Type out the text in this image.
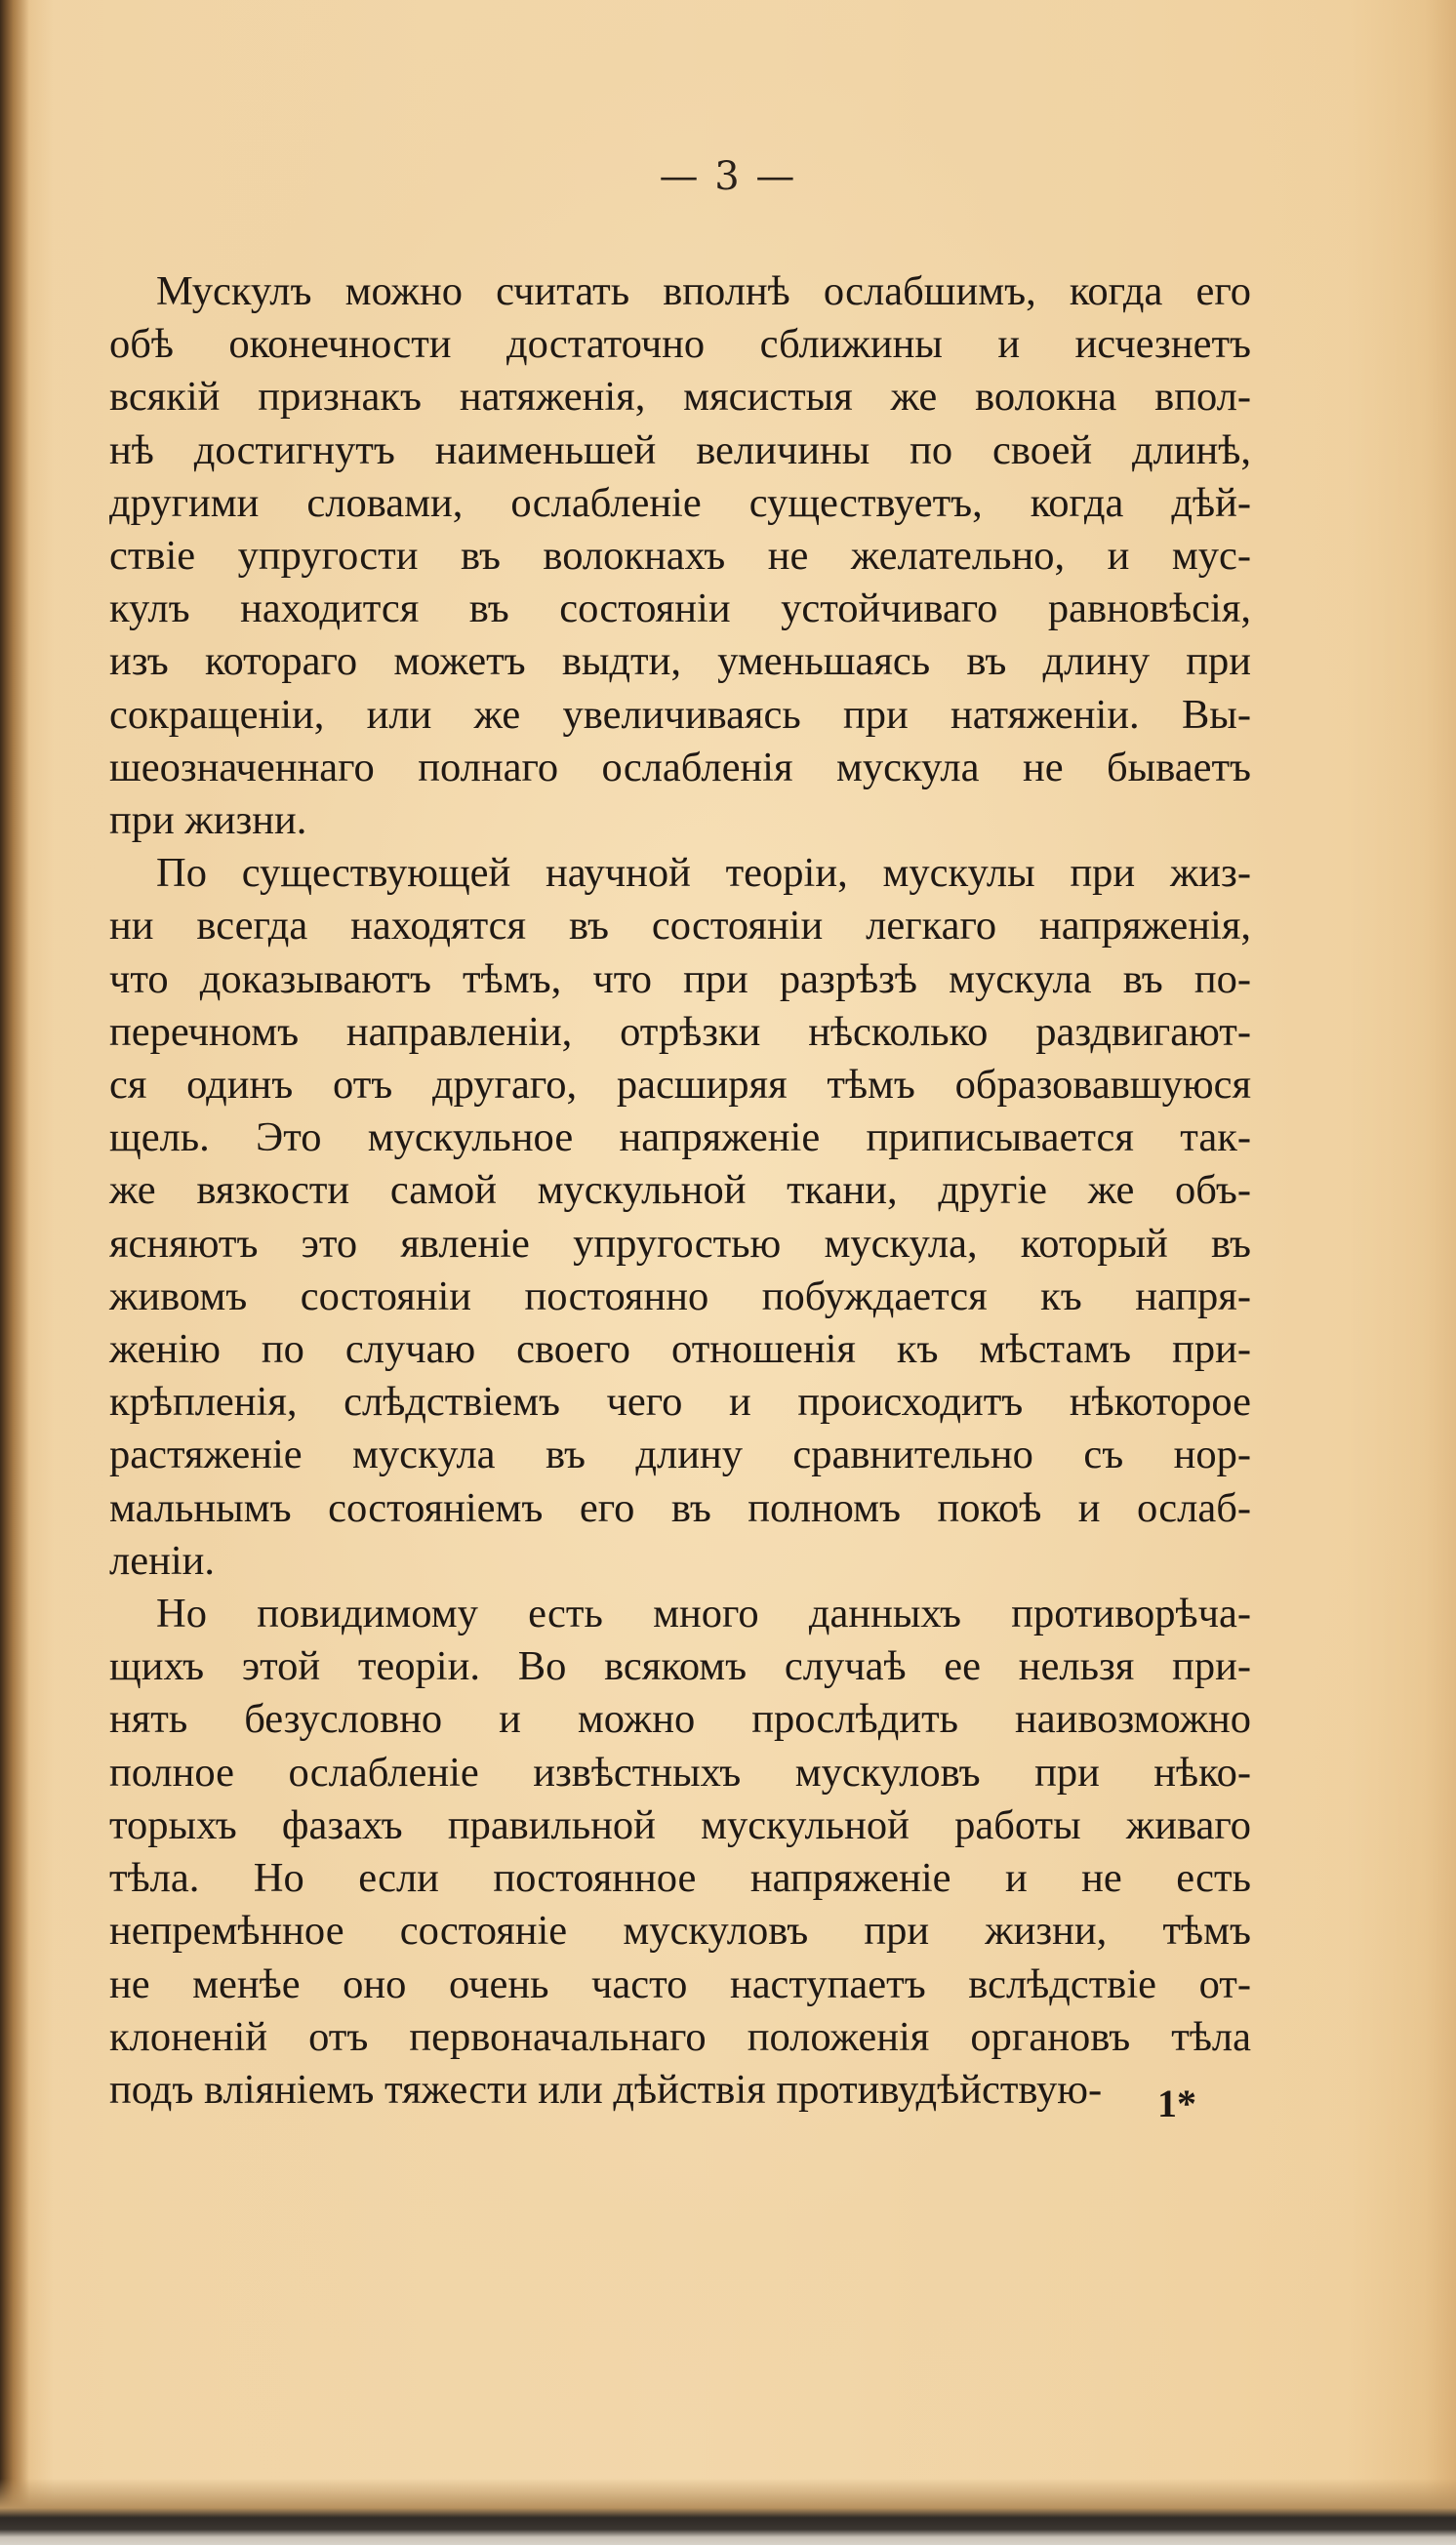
— 3 —

Мускулъ можно считать вполнѣ ослабшимъ, когда его
обѣ оконечности достаточно сближины и исчезнетъ
всякій признакъ натяженія, мясистыя же волокна впол-
нѣ достигнутъ наименьшей величины по своей длинѣ,
другими словами, ослабленіе существуетъ, когда дѣй-
ствіе упругости въ волокнахъ не желательно, и мус-
кулъ находится въ состояніи устойчиваго равновѣсія,
изъ котораго можетъ выдти, уменьшаясь въ длину при
сокращеніи, или же увеличиваясь при натяженіи. Вы-
шеозначеннаго полнаго ослабленія мускула не бываетъ
при жизни.

По существующей научной теоріи, мускулы при жиз-
ни всегда находятся въ состояніи легкаго напряженія,
что доказываютъ тѣмъ, что при разрѣзѣ мускула въ по-
перечномъ направленіи, отрѣзки нѣсколько раздвигают-
ся одинъ отъ другаго, расширяя тѣмъ образовавшуюся
щель. Это мускульное напряженіе приписывается так-
же вязкости самой мускульной ткани, другіе же объ-
ясняютъ это явленіе упругостью мускула, который въ
живомъ состояніи постоянно побуждается къ напря-
женію по случаю своего отношенія къ мѣстамъ при-
крѣпленія, слѣдствіемъ чего и происходитъ нѣкоторое
растяженіе мускула въ длину сравнительно съ нор-
мальнымъ состояніемъ его въ полномъ покоѣ и ослаб-
леніи.

Но повидимому есть много данныхъ противорѣча-
щихъ этой теоріи. Во всякомъ случаѣ ее нельзя при-
нять безусловно и можно прослѣдить наивозможно
полное ослабленіе извѣстныхъ мускуловъ при нѣко-
торыхъ фазахъ правильной мускульной работы живаго
тѣла. Но если постоянное напряженіе и не есть
непремѣнное состояніе мускуловъ при жизни, тѣмъ
не менѣе оно очень часто наступаетъ вслѣдствіе от-
клоненій отъ первоначальнаго положенія органовъ тѣла
подъ вліяніемъ тяжести или дѣйствія противудѣйствую-	1*
